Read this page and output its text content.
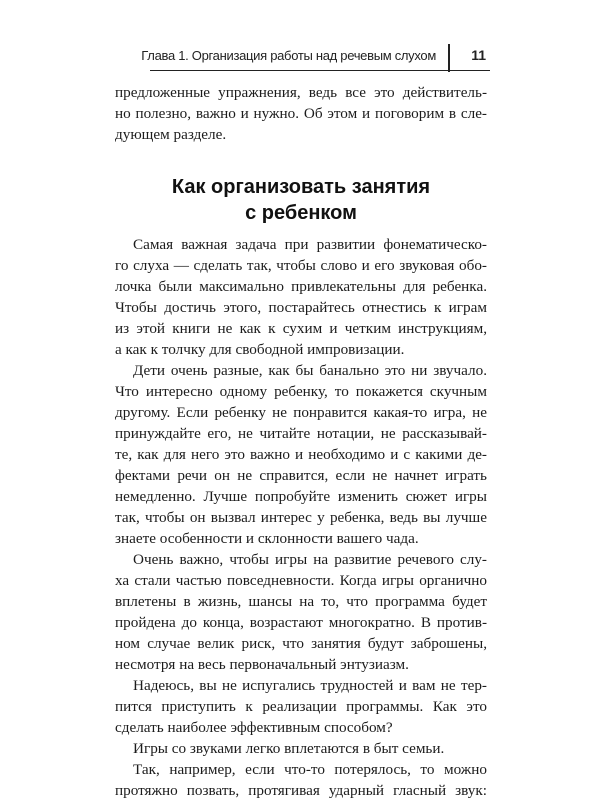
Глава 1. Организация работы над речевым слухом	11

предложенные упражнения, ведь все это действитель-

но полезно, важно и нужно. Об этом и поговорим в сле-

дующем разделе.

Как организовать занятия
с ребенком

Самая важная задача при развитии фонематическо-

го слуха — сделать так, чтобы слово и его звуковая обо-

лочка были максимально привлекательны для ребенка.

Чтобы достичь этого, постарайтесь отнестись к играм

из этой книги не как к сухим и четким инструкциям,

а как к толчку для свободной импровизации.

Дети очень разные, как бы банально это ни звучало.

Что интересно одному ребенку, то покажется скучным

другому. Если ребенку не понравится какая-то игра, не

принуждайте его, не читайте нотации, не рассказывай-

те, как для него это важно и необходимо и с какими де-

фектами речи он не справится, если не начнет играть

немедленно. Лучше попробуйте изменить сюжет игры

так, чтобы он вызвал интерес у ребенка, ведь вы лучше

знаете особенности и склонности вашего чада.

Очень важно, чтобы игры на развитие речевого слу-

ха стали частью повседневности. Когда игры органично

вплетены в жизнь, шансы на то, что программа будет

пройдена до конца, возрастают многократно. В против-

ном случае велик риск, что занятия будут заброшены,

несмотря на весь первоначальный энтузиазм.

Надеюсь, вы не испугались трудностей и вам не тер-

пится приступить к реализации программы. Как это

сделать наиболее эффективным способом?

Игры со звуками легко вплетаются в быт семьи.

Так, например, если что-то потерялось, то можно

протяжно позвать, протягивая ударный гласный звук:
